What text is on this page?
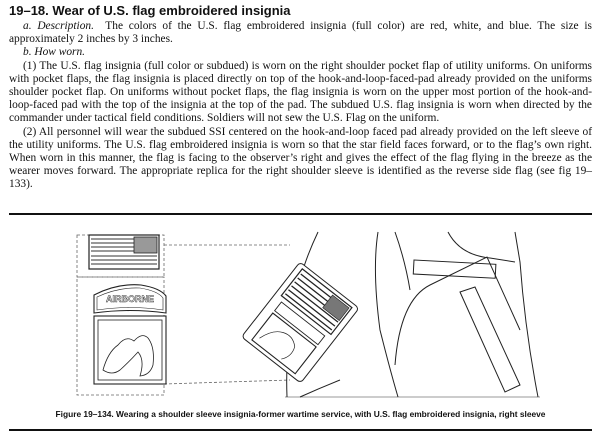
19–18. Wear of U.S. flag embroidered insignia
a. Description. The colors of the U.S. flag embroidered insignia (full color) are red, white, and blue. The size is approximately 2 inches by 3 inches.
b. How worn.
(1) The U.S. flag insignia (full color or subdued) is worn on the right shoulder pocket flap of utility uniforms. On uniforms with pocket flaps, the flag insignia is placed directly on top of the hook-and-loop-faced-pad already provided on the uniforms shoulder pocket flap. On uniforms without pocket flaps, the flag insignia is worn on the upper most portion of the hook-and-loop-faced pad with the top of the insignia at the top of the pad. The subdued U.S. flag insignia is worn when directed by the commander under tactical field conditions. Soldiers will not sew the U.S. Flag on the uniform.
(2) All personnel will wear the subdued SSI centered on the hook-and-loop faced pad already provided on the left sleeve of the utility uniforms. The U.S. flag embroidered insignia is worn so that the star field faces forward, or to the flag’s own right. When worn in this manner, the flag is facing to the observer’s right and gives the effect of the flag flying in the breeze as the wearer moves forward. The appropriate replica for the right shoulder sleeve is identified as the reverse side flag (see fig 19–133).
AIRBORNE
Figure 19–134. Wearing a shoulder sleeve insignia-former wartime service, with U.S. flag embroidered insignia, right sleeve
